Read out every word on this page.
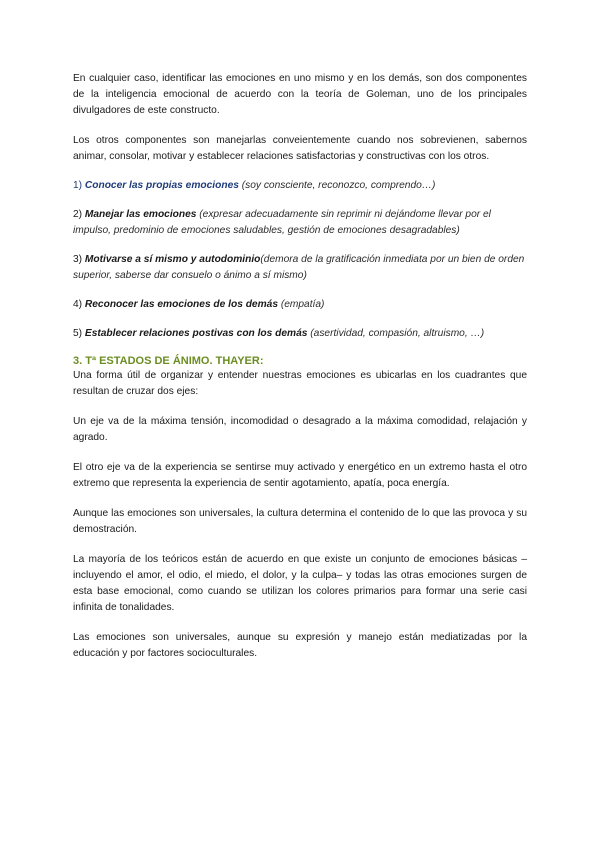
En cualquier caso, identificar las emociones en uno mismo y en los demás, son dos componentes de la inteligencia emocional de acuerdo con la teoría de Goleman, uno de los principales divulgadores de este constructo.

Los otros componentes son manejarlas conveientemente cuando nos sobrevienen, sabernos animar, consolar, motivar y establecer relaciones satisfactorias y constructivas con los otros.

1) Conocer las propias emociones (soy consciente, reconozco, comprendo…)
2) Manejar las emociones (expresar adecuadamente sin reprimir ni dejándome llevar por el impulso, predominio de emociones saludables, gestión de emociones desagradables)
3) Motivarse a sí mismo y autodominio(demora de la gratificación inmediata por un bien de orden superior, saberse dar consuelo o ánimo a sí mismo)
4) Reconocer las emociones de los demás (empatía)
5) Establecer relaciones postivas con los demás (asertividad, compasión, altruismo, …)
3. Tª ESTADOS DE ÁNIMO. THAYER:

Una forma útil de organizar y entender nuestras emociones es ubicarlas en los cuadrantes que resultan de cruzar dos ejes:

Un eje va de la máxima tensión, incomodidad o desagrado a la máxima comodidad, relajación y agrado.

El otro eje va de la experiencia se sentirse muy activado y energético en un extremo hasta el otro extremo que representa la experiencia de sentir agotamiento, apatía, poca energía.

Aunque las emociones son universales, la cultura determina el contenido de lo que las provoca y su demostración.

La mayoría de los teóricos están de acuerdo en que existe un conjunto de emociones básicas –incluyendo el amor, el odio, el miedo, el dolor, y la culpa– y todas las otras emociones surgen de esta base emocional, como cuando se utilizan los colores primarios para formar una serie casi infinita de tonalidades.

Las emociones son universales, aunque su expresión y manejo están mediatizadas por la educación y por factores socioculturales.
